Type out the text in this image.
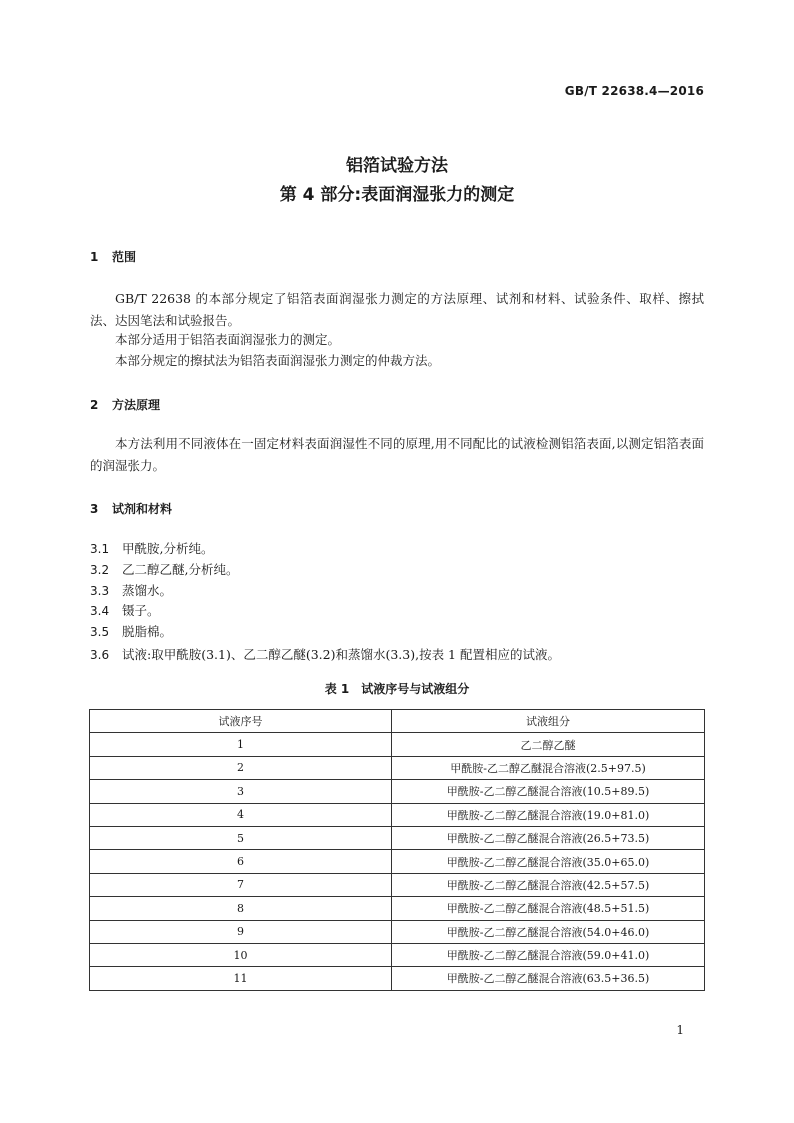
GB/T 22638.4—2016
铝箔试验方法
第 4 部分:表面润湿张力的测定
1 范围
GB/T 22638 的本部分规定了铝箔表面润湿张力测定的方法原理、试剂和材料、试验条件、取样、擦拭法、达因笔法和试验报告。
本部分适用于铝箔表面润湿张力的测定。
本部分规定的擦拭法为铝箔表面润湿张力测定的仲裁方法。
2 方法原理
本方法利用不同液体在一固定材料表面润湿性不同的原理,用不同配比的试液检测铝箔表面,以测定铝箔表面的润湿张力。
3 试剂和材料
3.1 甲酰胺,分析纯。
3.2 乙二醇乙醚,分析纯。
3.3 蒸馏水。
3.4 镊子。
3.5 脱脂棉。
3.6 试液:取甲酰胺(3.1)、乙二醇乙醚(3.2)和蒸馏水(3.3),按表 1 配置相应的试液。
表 1　试液序号与试液组分
试液序号	试液组分
1	乙二醇乙醚
2	甲酰胺-乙二醇乙醚混合溶液(2.5+97.5)
3	甲酰胺-乙二醇乙醚混合溶液(10.5+89.5)
4	甲酰胺-乙二醇乙醚混合溶液(19.0+81.0)
5	甲酰胺-乙二醇乙醚混合溶液(26.5+73.5)
6	甲酰胺-乙二醇乙醚混合溶液(35.0+65.0)
7	甲酰胺-乙二醇乙醚混合溶液(42.5+57.5)
8	甲酰胺-乙二醇乙醚混合溶液(48.5+51.5)
9	甲酰胺-乙二醇乙醚混合溶液(54.0+46.0)
10	甲酰胺-乙二醇乙醚混合溶液(59.0+41.0)
11	甲酰胺-乙二醇乙醚混合溶液(63.5+36.5)
1
